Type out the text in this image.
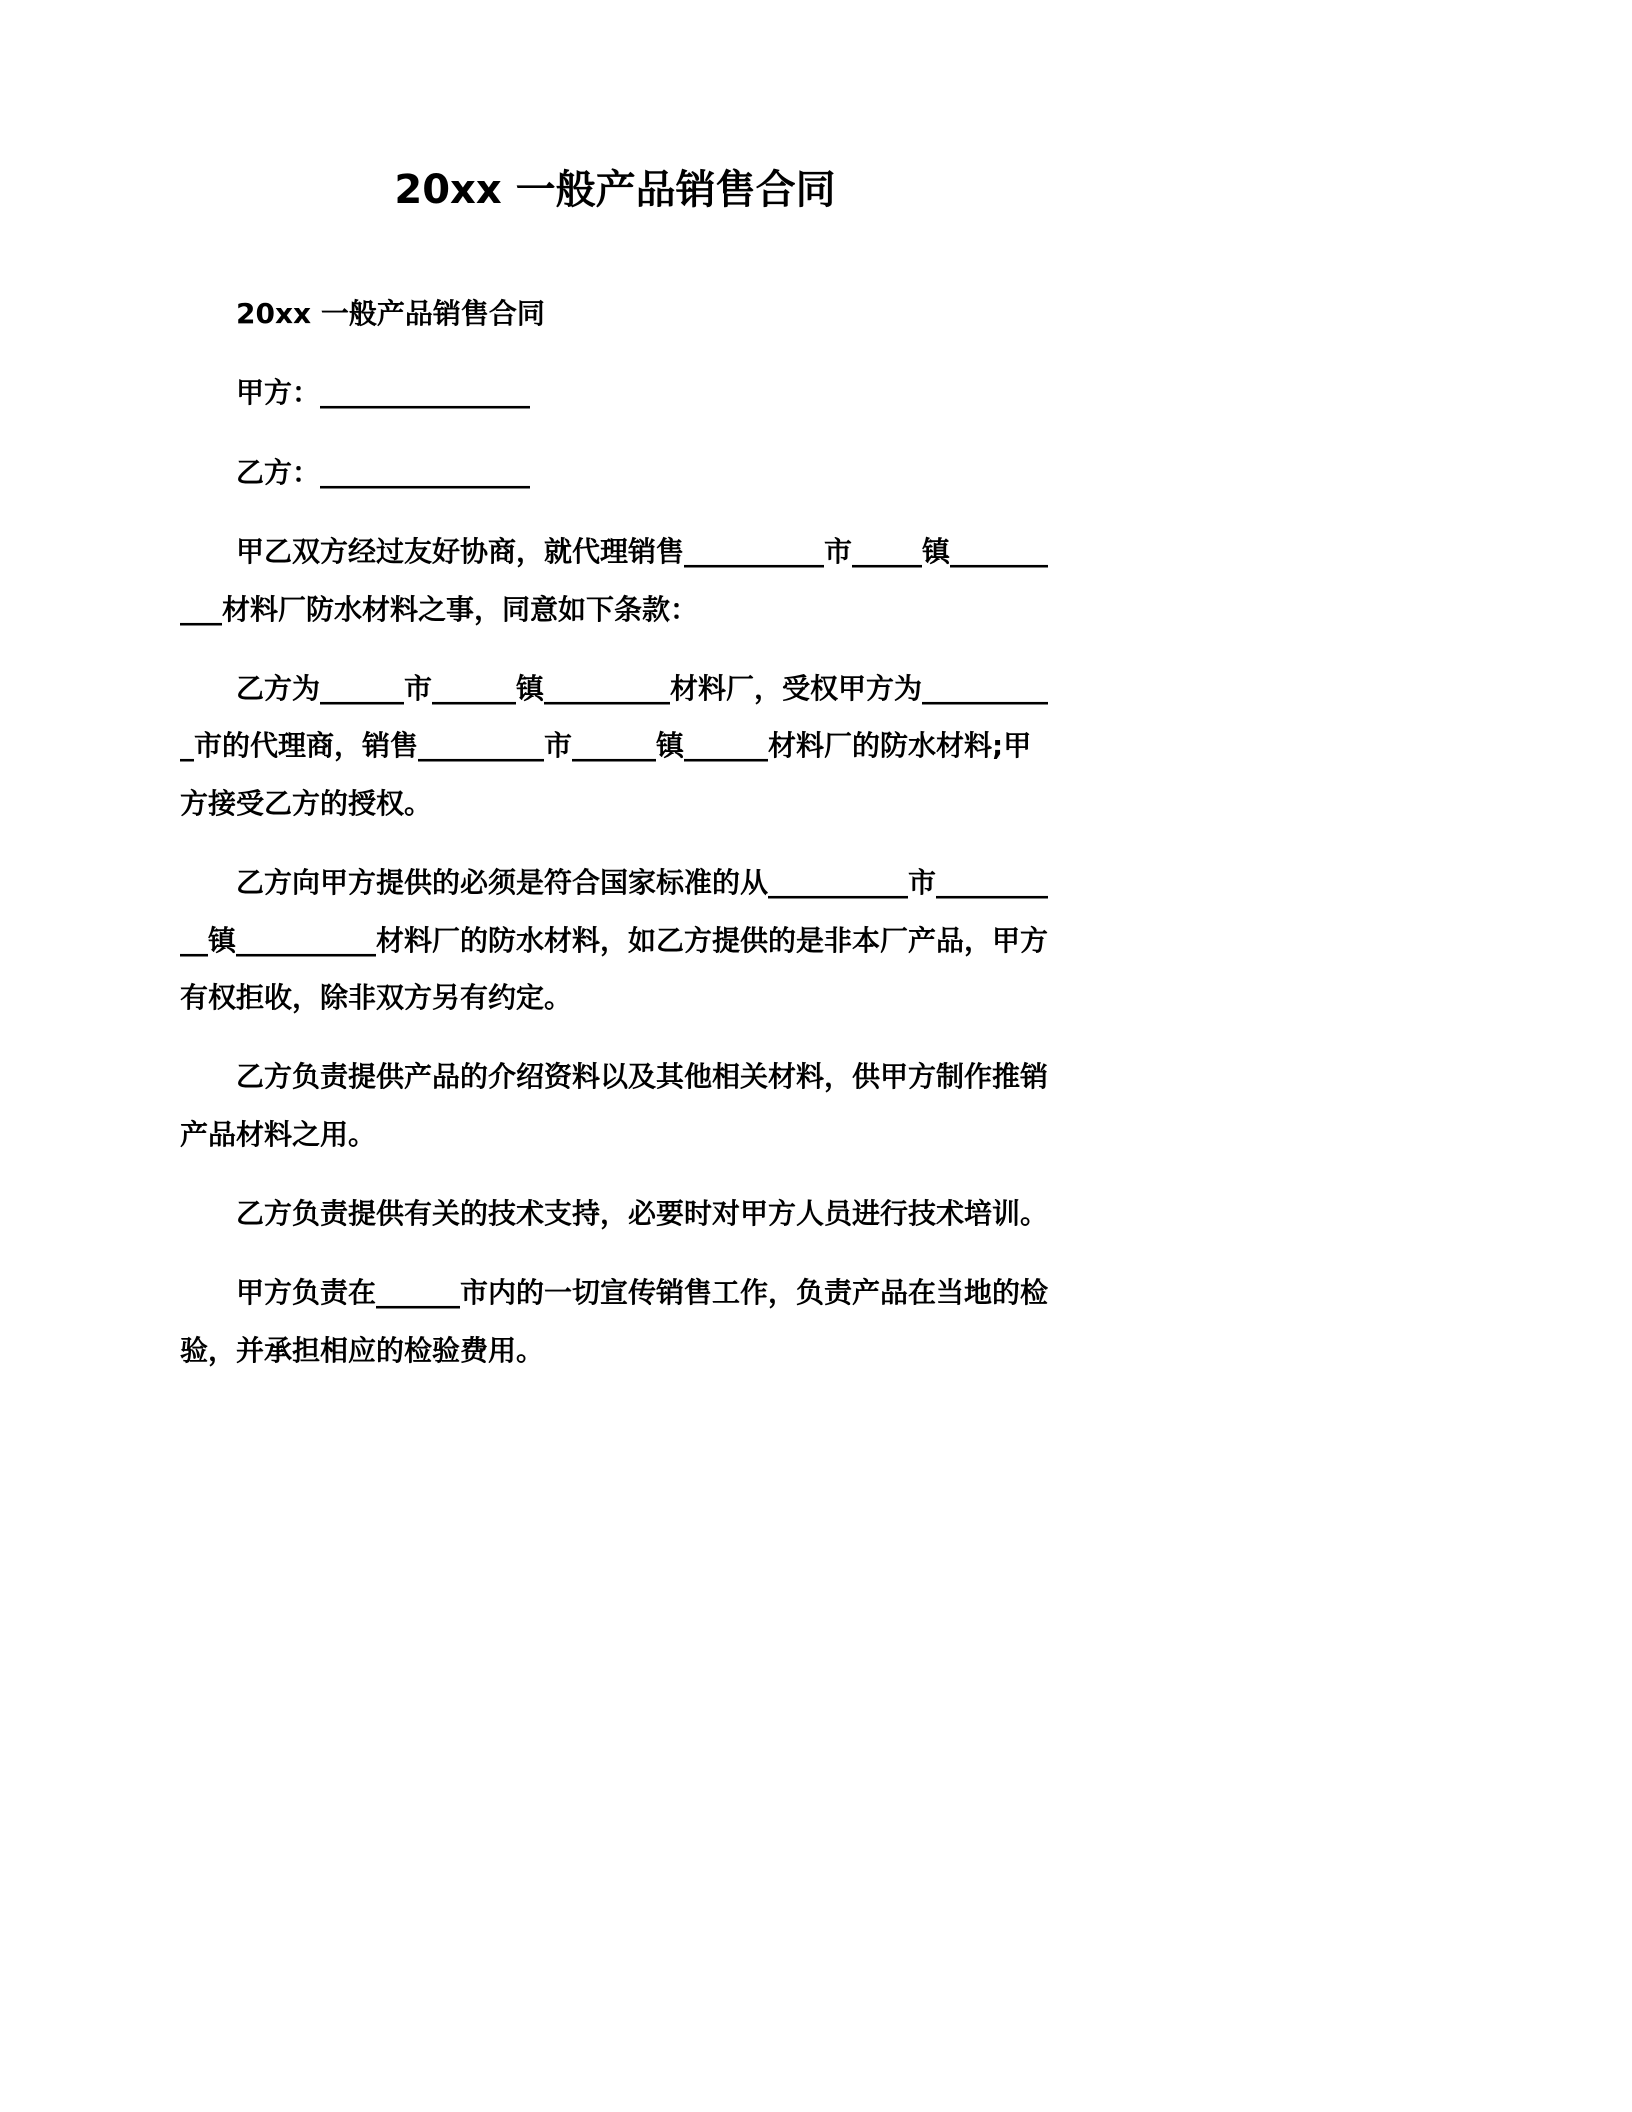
20xx 一般产品销售合同

20xx 一般产品销售合同

甲方：_______________

乙方：_______________

甲乙双方经过友好协商，就代理销售__________市_____镇__________材料厂防水材料之事，同意如下条款：

乙方为______市______镇_________材料厂，受权甲方为__________市的代理商，销售_________市______镇______材料厂的防水材料;甲方接受乙方的授权。

乙方向甲方提供的必须是符合国家标准的从__________市__________镇__________材料厂的防水材料，如乙方提供的是非本厂产品，甲方有权拒收，除非双方另有约定。

乙方负责提供产品的介绍资料以及其他相关材料，供甲方制作推销产品材料之用。

乙方负责提供有关的技术支持，必要时对甲方人员进行技术培训。

甲方负责在______市内的一切宣传销售工作，负责产品在当地的检验，并承担相应的检验费用。
